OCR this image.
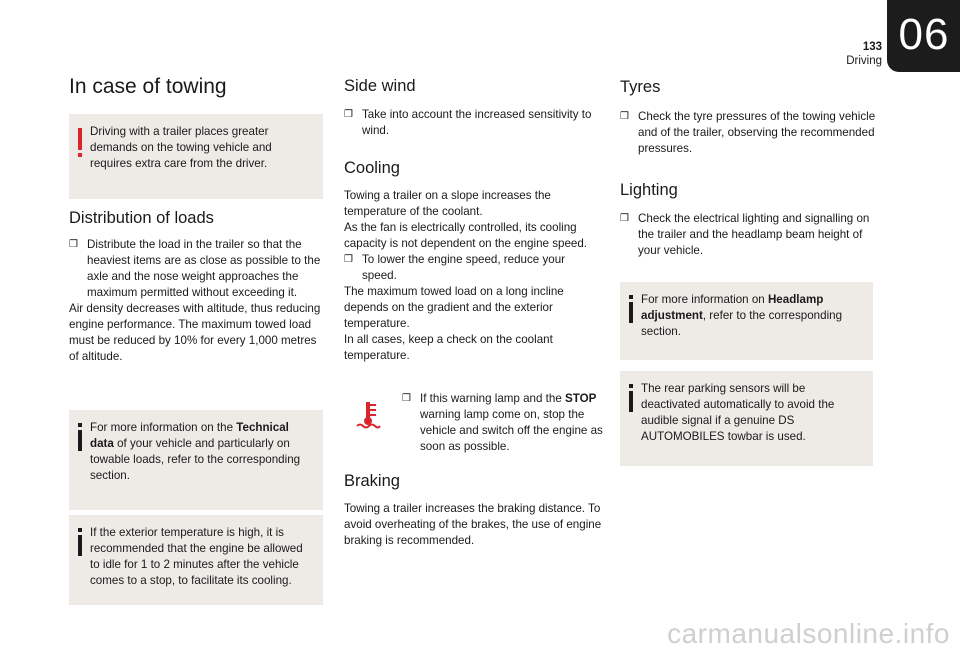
06
133
Driving
In case of towing
Driving with a trailer places greater demands on the towing vehicle and requires extra care from the driver.
Distribution of loads
❒ Distribute the load in the trailer so that the heaviest items are as close as possible to the axle and the nose weight approaches the maximum permitted without exceeding it.

Air density decreases with altitude, thus reducing engine performance. The maximum towed load must be reduced by 10% for every 1,000 metres of altitude.

For more information on the Technical data of your vehicle and particularly on towable loads, refer to the corresponding section.
If the exterior temperature is high, it is recommended that the engine be allowed to idle for 1 to 2 minutes after the vehicle comes to a stop, to facilitate its cooling.
Side wind
❒ Take into account the increased sensitivity to wind.
Cooling

Towing a trailer on a slope increases the temperature of the coolant.

As the fan is electrically controlled, its cooling capacity is not dependent on the engine speed.

❒ To lower the engine speed, reduce your speed.

The maximum towed load on a long incline depends on the gradient and the exterior temperature.

In all cases, keep a check on the coolant temperature.

❒ If this warning lamp and the STOP warning lamp come on, stop the vehicle and switch off the engine as soon as possible.
Braking

Towing a trailer increases the braking distance. To avoid overheating of the brakes, the use of engine braking is recommended.

Tyres
❒ Check the tyre pressures of the towing vehicle and of the trailer, observing the recommended pressures.
Lighting
❒ Check the electrical lighting and signalling on the trailer and the headlamp beam height of your vehicle.
For more information on Headlamp adjustment, refer to the corresponding section.
The rear parking sensors will be deactivated automatically to avoid the audible signal if a genuine DS AUTOMOBILES towbar is used.
carmanualsonline.info
